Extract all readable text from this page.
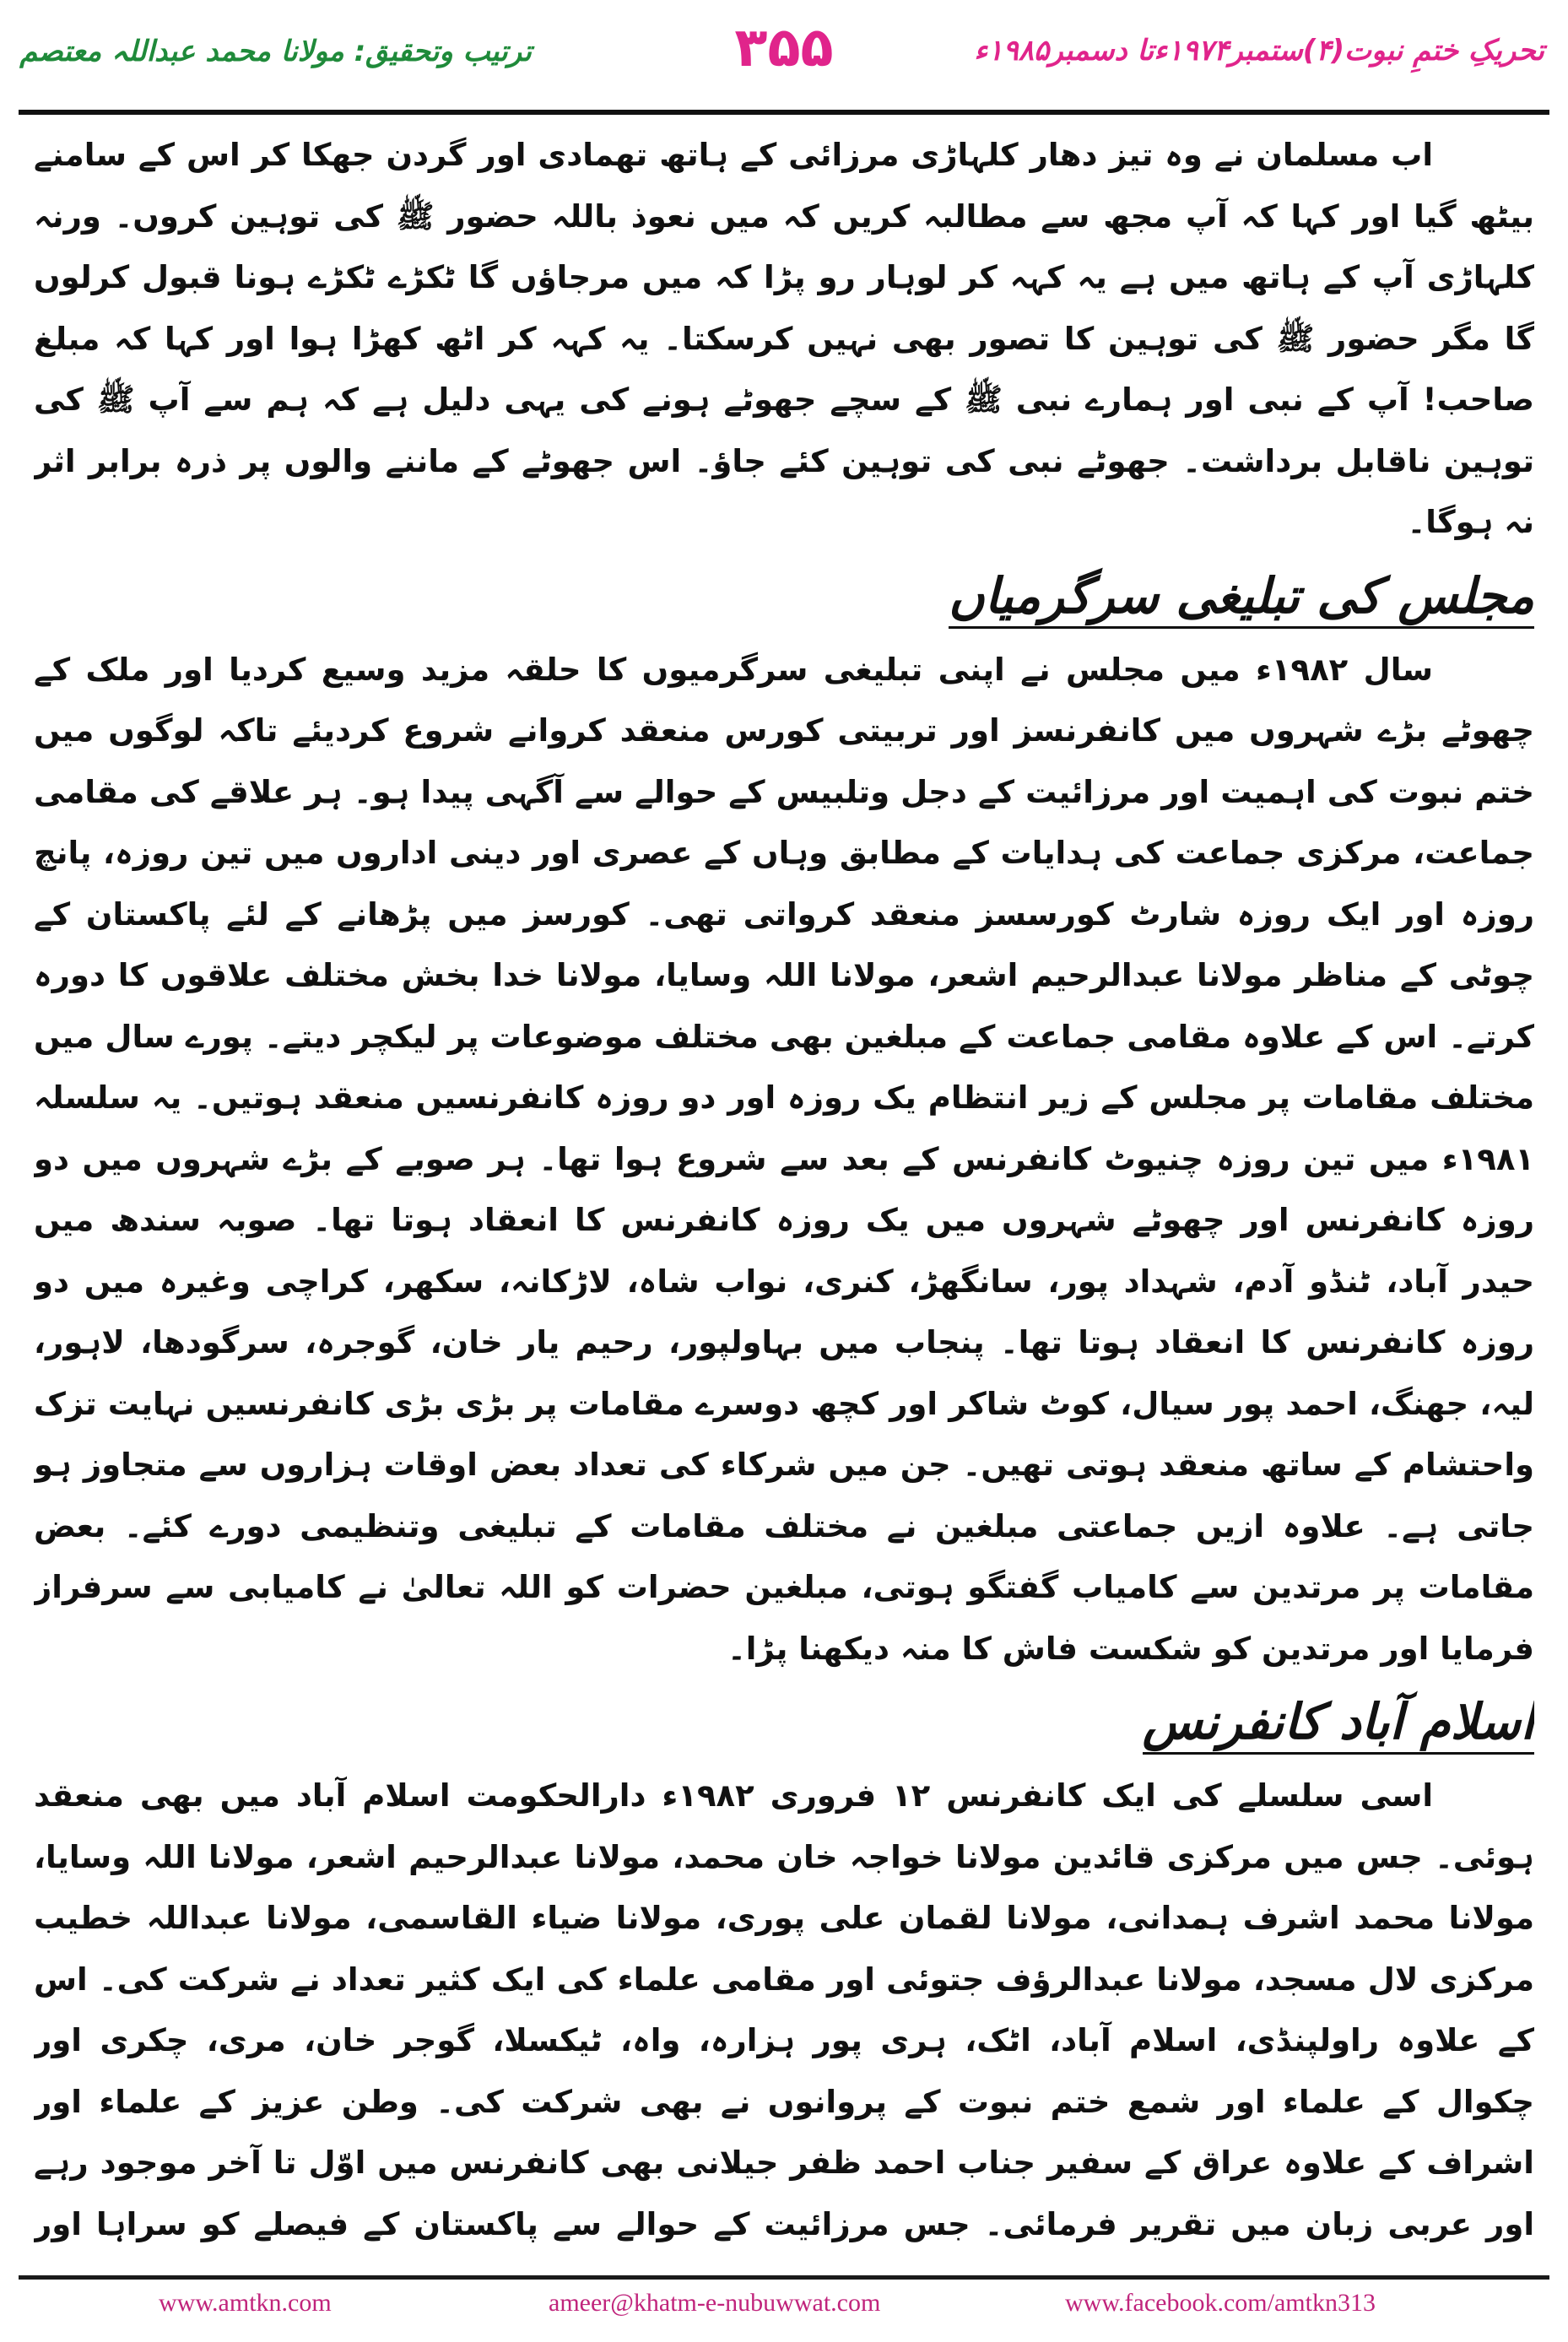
ترتیب وتحقیق: مولانا محمد عبداللہ معتصم	۳۵۵	تحریکِ ختمِ نبوت(۴)ستمبر۱۹۷۴ءتا دسمبر۱۹۸۵ء

اب مسلمان نے وہ تیز دھار کلہاڑی مرزائی کے ہاتھ تھمادی اور گردن جھکا کر اس کے سامنے بیٹھ گیا اور کہا کہ آپ مجھ سے مطالبہ کریں کہ میں نعوذ باللہ حضور ﷺ کی توہین کروں۔ ورنہ کلہاڑی آپ کے ہاتھ میں ہے یہ کہہ کر لوہار رو پڑا کہ میں مرجاؤں گا ٹکڑے ٹکڑے ہونا قبول کرلوں گا مگر حضور ﷺ کی توہین کا تصور بھی نہیں کرسکتا۔ یہ کہہ کر اٹھ کھڑا ہوا اور کہا کہ مبلغ صاحب! آپ کے نبی اور ہمارے نبی ﷺ کے سچے جھوٹے ہونے کی یہی دلیل ہے کہ ہم سے آپ ﷺ کی توہین ناقابل برداشت۔ جھوٹے نبی کی توہین کئے جاؤ۔ اس جھوٹے کے ماننے والوں پر ذرہ برابر اثر نہ ہوگا۔

مجلس کی تبلیغی سرگرمیاں

سال ۱۹۸۲ء میں مجلس نے اپنی تبلیغی سرگرمیوں کا حلقہ مزید وسیع کردیا اور ملک کے چھوٹے بڑے شہروں میں کانفرنسز اور تربیتی کورس منعقد کروانے شروع کردیئے تاکہ لوگوں میں ختم نبوت کی اہمیت اور مرزائیت کے دجل وتلبیس کے حوالے سے آگہی پیدا ہو۔ ہر علاقے کی مقامی جماعت، مرکزی جماعت کی ہدایات کے مطابق وہاں کے عصری اور دینی اداروں میں تین روزہ، پانچ روزہ اور ایک روزہ شارٹ کورسسز منعقد کرواتی تھی۔ کورسز میں پڑھانے کے لئے پاکستان کے چوٹی کے مناظر مولانا عبدالرحیم اشعر، مولانا اللہ وسایا، مولانا خدا بخش مختلف علاقوں کا دورہ کرتے۔ اس کے علاوہ مقامی جماعت کے مبلغین بھی مختلف موضوعات پر لیکچر دیتے۔ پورے سال میں مختلف مقامات پر مجلس کے زیر انتظام یک روزہ اور دو روزہ کانفرنسیں منعقد ہوتیں۔ یہ سلسلہ ۱۹۸۱ء میں تین روزہ چنیوٹ کانفرنس کے بعد سے شروع ہوا تھا۔ ہر صوبے کے بڑے شہروں میں دو روزہ کانفرنس اور چھوٹے شہروں میں یک روزہ کانفرنس کا انعقاد ہوتا تھا۔ صوبہ سندھ میں حیدر آباد، ٹنڈو آدم، شہداد پور، سانگھڑ، کنری، نواب شاہ، لاڑکانہ، سکھر، کراچی وغیرہ میں دو روزہ کانفرنس کا انعقاد ہوتا تھا۔ پنجاب میں بہاولپور، رحیم یار خان، گوجرہ، سرگودھا، لاہور، لیہ، جھنگ، احمد پور سیال، کوٹ شاکر اور کچھ دوسرے مقامات پر بڑی بڑی کانفرنسیں نہایت تزک واحتشام کے ساتھ منعقد ہوتی تھیں۔ جن میں شرکاء کی تعداد بعض اوقات ہزاروں سے متجاوز ہو جاتی ہے۔ علاوہ ازیں جماعتی مبلغین نے مختلف مقامات کے تبلیغی وتنظیمی دورے کئے۔ بعض مقامات پر مرتدین سے کامیاب گفتگو ہوتی، مبلغین حضرات کو اللہ تعالیٰ نے کامیابی سے سرفراز فرمایا اور مرتدین کو شکست فاش کا منہ دیکھنا پڑا۔

اسلام آباد کانفرنس

اسی سلسلے کی ایک کانفرنس ۱۲ فروری ۱۹۸۲ء دارالحکومت اسلام آباد میں بھی منعقد ہوئی۔ جس میں مرکزی قائدین مولانا خواجہ خان محمد، مولانا عبدالرحیم اشعر، مولانا اللہ وسایا، مولانا محمد اشرف ہمدانی، مولانا لقمان علی پوری، مولانا ضیاء القاسمی، مولانا عبداللہ خطیب مرکزی لال مسجد، مولانا عبدالرؤف جتوئی اور مقامی علماء کی ایک کثیر تعداد نے شرکت کی۔ اس کے علاوہ راولپنڈی، اسلام آباد، اٹک، ہری پور ہزارہ، واہ، ٹیکسلا، گوجر خان، مری، چکری اور چکوال کے علماء اور شمع ختم نبوت کے پروانوں نے بھی شرکت کی۔ وطن عزیز کے علماء اور اشراف کے علاوہ عراق کے سفیر جناب احمد ظفر جیلانی بھی کانفرنس میں اوّل تا آخر موجود رہے اور عربی زبان میں تقریر فرمائی۔ جس مرزائیت کے حوالے سے پاکستان کے فیصلے کو سراہا اور

www.amtkn.com	ameer@khatm-e-nubuwwat.com	www.facebook.com/amtkn313
